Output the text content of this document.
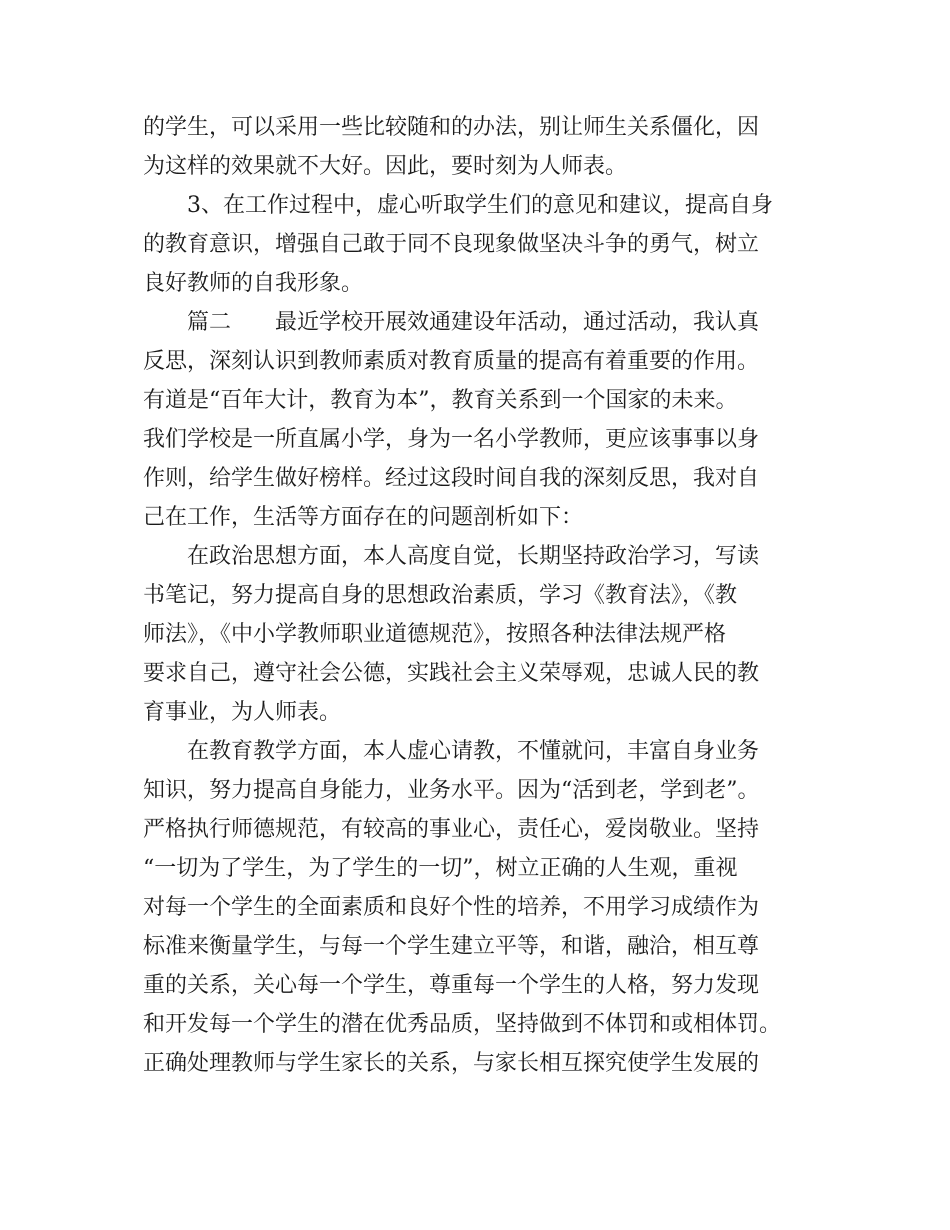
的学生，可以采用一些比较随和的办法，别让师生关系僵化，因
为这样的效果就不大好。因此，要时刻为人师表。
　　3、在工作过程中，虚心听取学生们的意见和建议，提高自身
的教育意识，增强自己敢于同不良现象做坚决斗争的勇气，树立
良好教师的自我形象。
　　篇二　　最近学校开展效通建设年活动，通过活动，我认真
反思，深刻认识到教师素质对教育质量的提高有着重要的作用。
有道是“百年大计，教育为本”，教育关系到一个国家的未来。
我们学校是一所直属小学，身为一名小学教师，更应该事事以身
作则，给学生做好榜样。经过这段时间自我的深刻反思，我对自
己在工作，生活等方面存在的问题剖析如下：
　　在政治思想方面，本人高度自觉，长期坚持政治学习，写读
书笔记，努力提高自身的思想政治素质，学习《教育法》，《教
师法》，《中小学教师职业道德规范》，按照各种法律法规严格
要求自己，遵守社会公德，实践社会主义荣辱观，忠诚人民的教
育事业，为人师表。
　　在教育教学方面，本人虚心请教，不懂就问，丰富自身业务
知识，努力提高自身能力，业务水平。因为“活到老，学到老”。
严格执行师德规范，有较高的事业心，责任心，爱岗敬业。坚持
“一切为了学生，为了学生的一切”，树立正确的人生观，重视
对每一个学生的全面素质和良好个性的培养，不用学习成绩作为
标准来衡量学生，与每一个学生建立平等，和谐，融洽，相互尊
重的关系，关心每一个学生，尊重每一个学生的人格，努力发现
和开发每一个学生的潜在优秀品质，坚持做到不体罚和或相体罚。
正确处理教师与学生家长的关系，与家长相互探究使学生发展的
